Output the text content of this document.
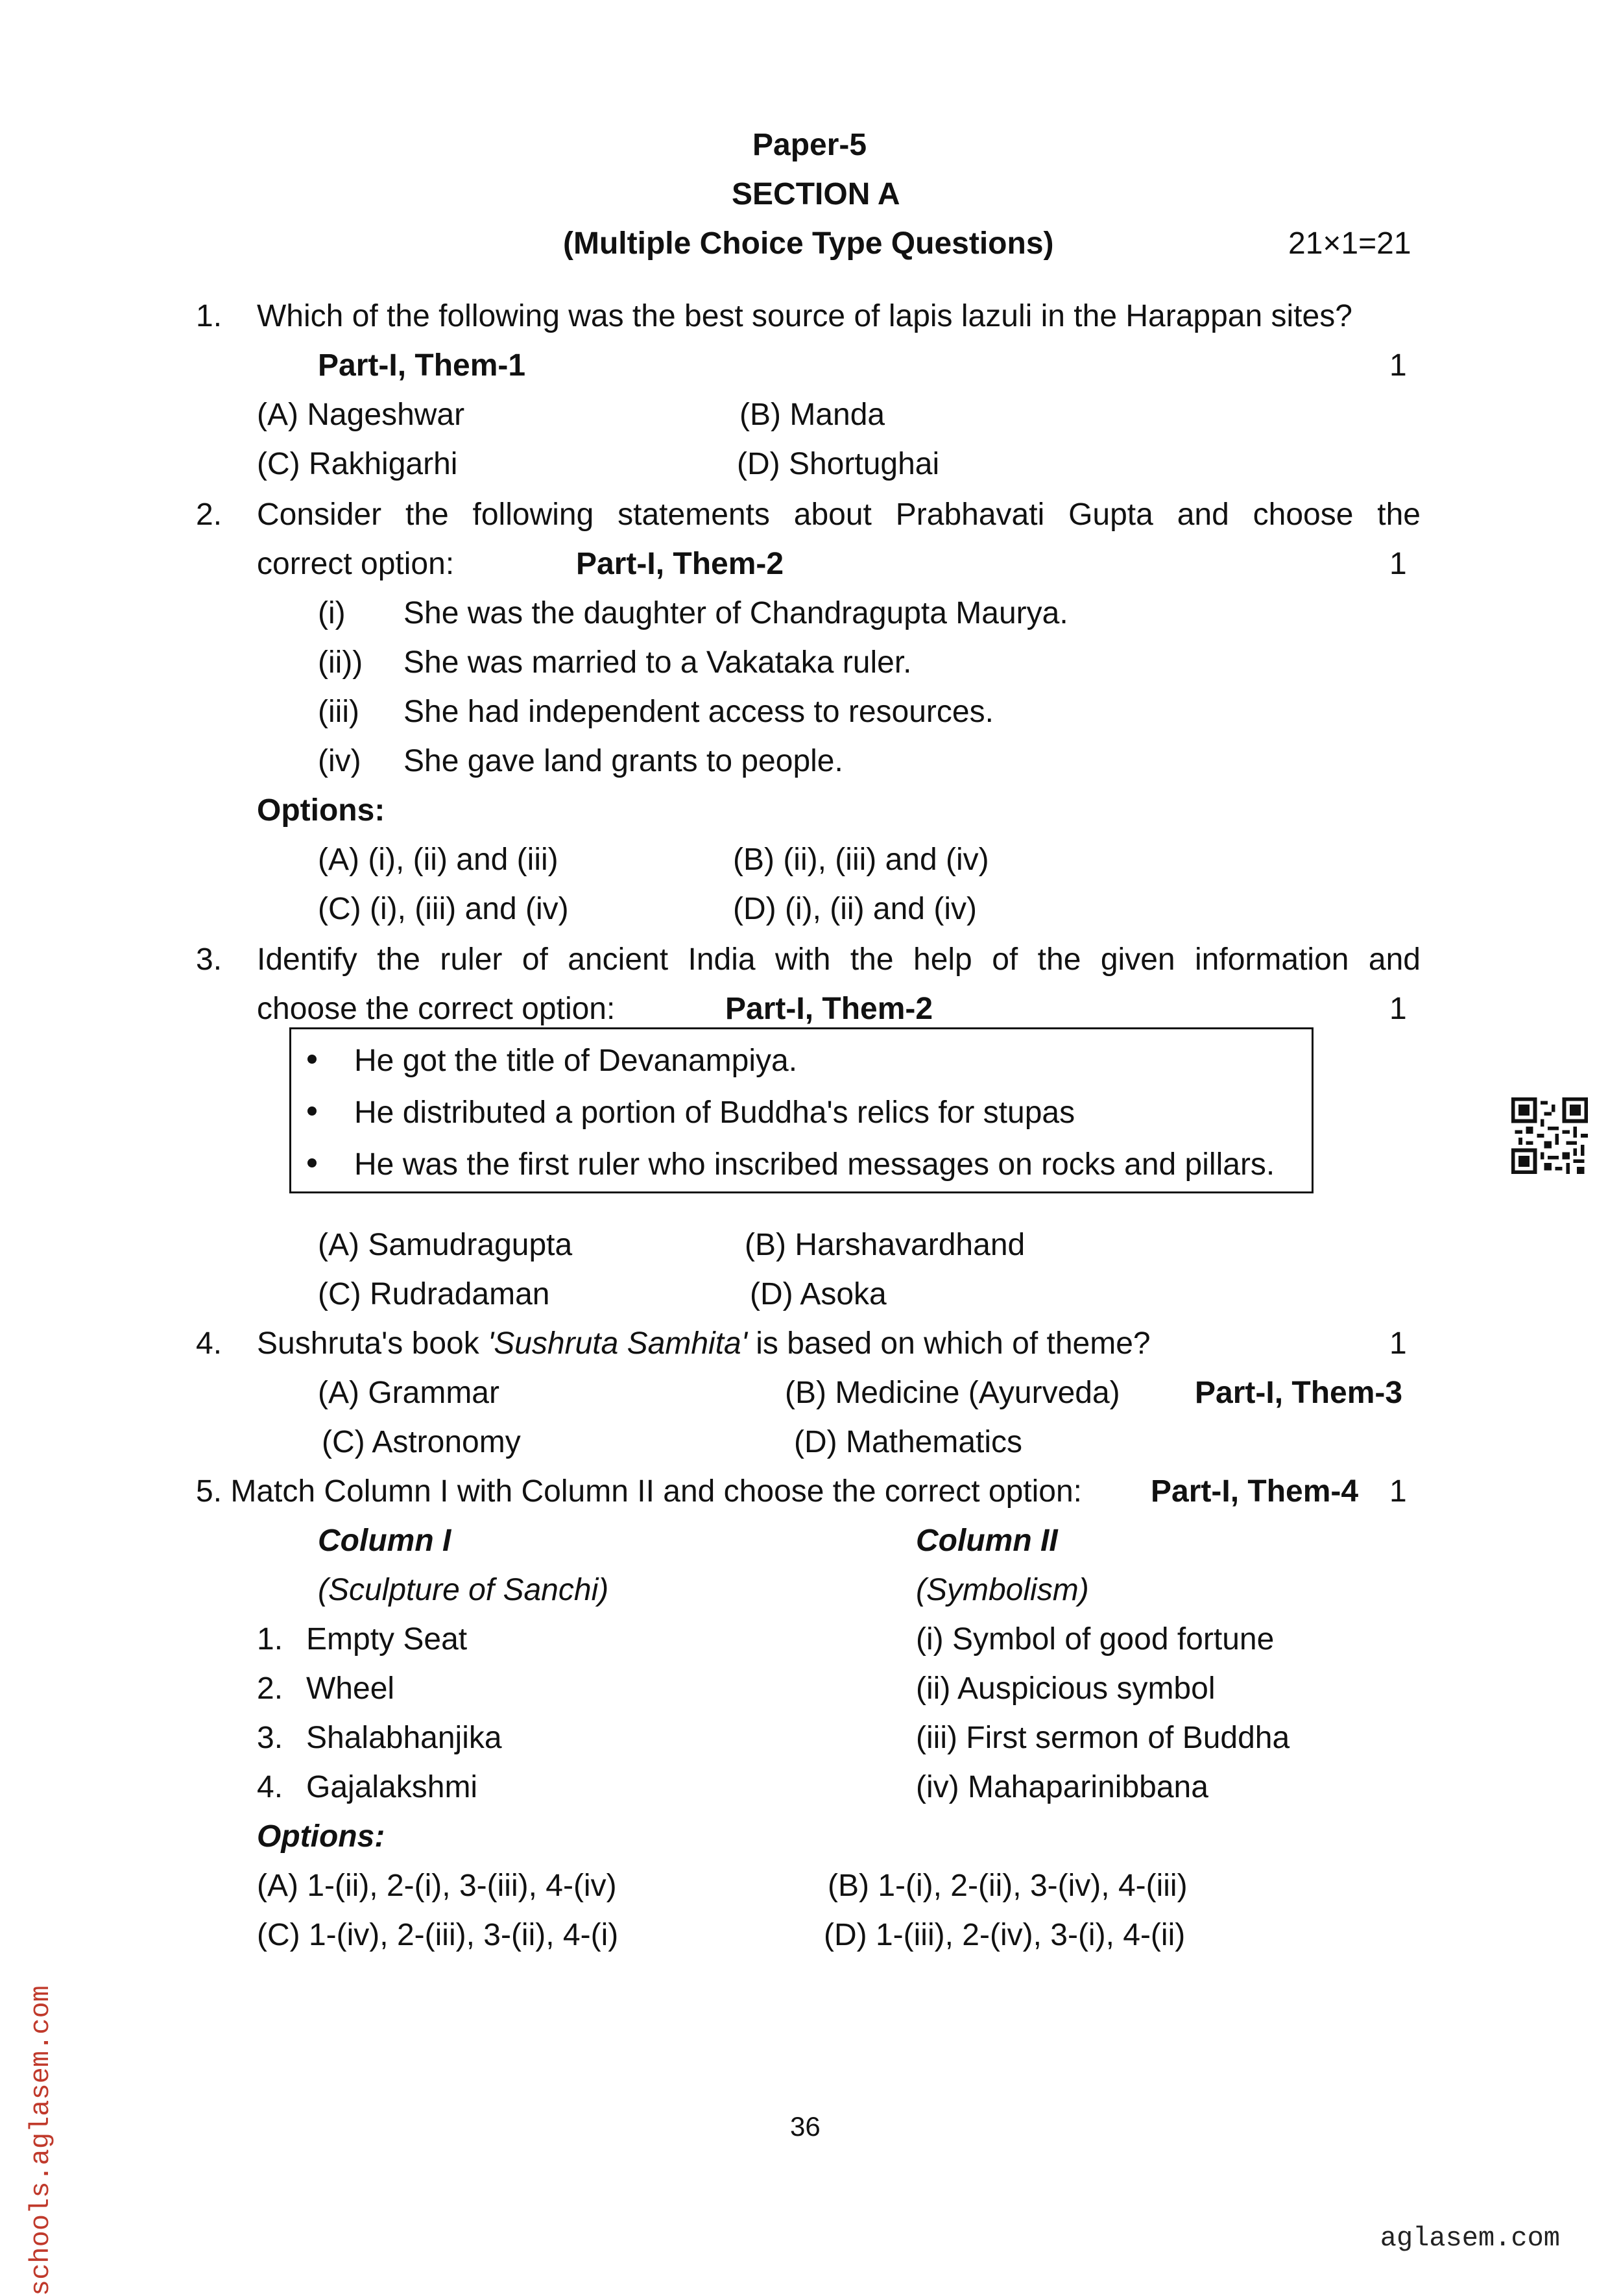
Paper-5
SECTION A
(Multiple Choice Type Questions)	21×1=21
1. Which of the following was the best source of lapis lazuli in the Harappan sites?
Part-I, Them-1	1
(A) Nageshwar	(B) Manda
(C) Rakhigarhi	(D) Shortughai
2. Consider the following statements about Prabhavati Gupta and choose the
correct option:	Part-I, Them-2	1
(i) She was the daughter of Chandragupta Maurya.
(ii)) She was married to a Vakataka ruler.
(iii) She had independent access to resources.
(iv) She gave land grants to people.
Options:
(A) (i), (ii) and (iii)	(B) (ii), (iii) and (iv)
(C) (i), (iii) and (iv)	(D) (i), (ii) and (iv)
3. Identify the ruler of ancient India with the help of the given information and
choose the correct option:	Part-I, Them-2	1
He got the title of Devanampiya.
He distributed a portion of Buddha's relics for stupas
He was the first ruler who inscribed messages on rocks and pillars.
(A) Samudragupta	(B) Harshavardhand
(C) Rudradaman	(D) Asoka
4. Sushruta's book 'Sushruta Samhita' is based on which of theme?	1
(A) Grammar	(B) Medicine (Ayurveda) Part-I, Them-3
(C) Astronomy	(D) Mathematics
5. Match Column I with Column II and choose the correct option: Part-I, Them-4 1
Column I	Column II
(Sculpture of Sanchi)	(Symbolism)
1. Empty Seat	(i) Symbol of good fortune
2. Wheel	(ii) Auspicious symbol
3. Shalabhanjika	(iii) First sermon of Buddha
4. Gajalakshmi	(iv) Mahaparinibbana
Options:
(A) 1-(ii), 2-(i), 3-(iii), 4-(iv)	(B) 1-(i), 2-(ii), 3-(iv), 4-(iii)
(C) 1-(iv), 2-(iii), 3-(ii), 4-(i)	(D) 1-(iii), 2-(iv), 3-(i), 4-(ii)
36
schools.aglasem.com	aglasem.com
